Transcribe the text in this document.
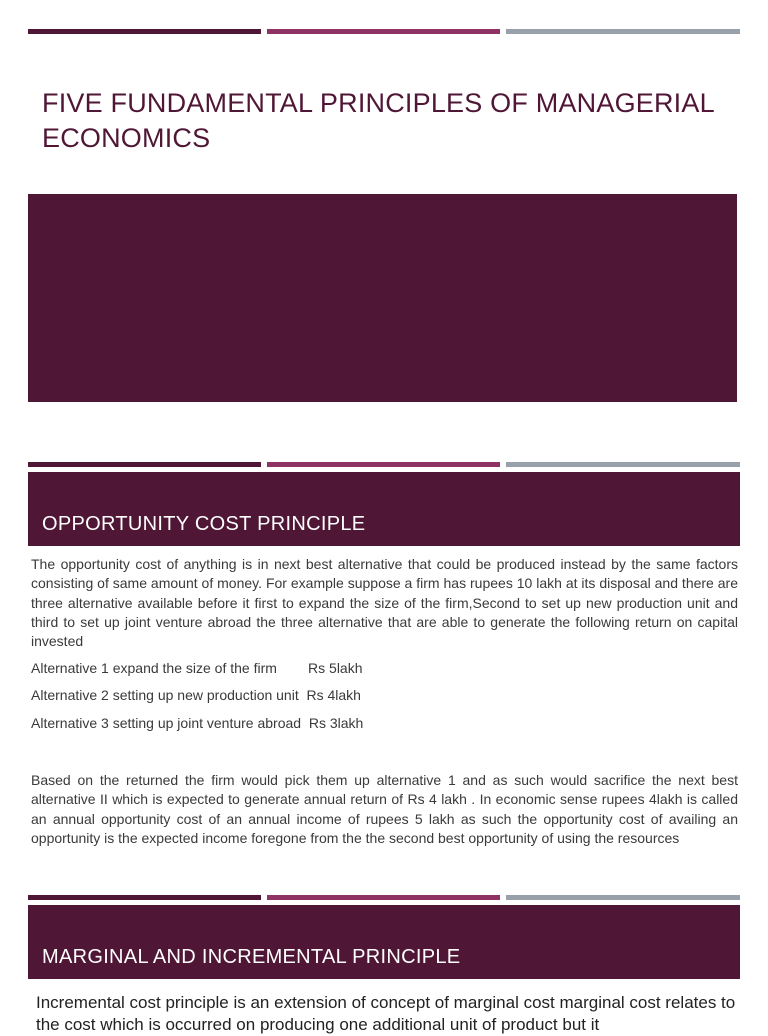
FIVE FUNDAMENTAL PRINCIPLES OF MANAGERIAL ECONOMICS
OPPORTUNITY COST PRINCIPLE

The opportunity cost of anything is in next best alternative that could be produced instead by the same factors consisting of same amount of money. For example suppose a firm has rupees 10 lakh at its disposal and there are three alternative available before it first to expand the size of the firm,Second to set up new production unit and third to set up joint venture abroad the three alternative that are able to generate the following return on capital invested

Alternative 1 expand the size of the firm        Rs 5lakh

Alternative 2 setting up new production unit  Rs 4lakh

Alternative 3 setting up joint venture abroad  Rs 3lakh

Based on the returned the firm would pick them up alternative 1 and as such would sacrifice the next best alternative II which is expected to generate annual return of Rs 4 lakh . In economic sense rupees 4lakh is called an annual opportunity cost of an annual income of rupees 5 lakh as such the opportunity cost of availing an opportunity is the expected income foregone from the the second best opportunity of using the resources

MARGINAL AND INCREMENTAL PRINCIPLE

Incremental cost principle is an extension of concept of marginal cost marginal cost relates to the cost which is occurred on producing one additional unit of product but it
